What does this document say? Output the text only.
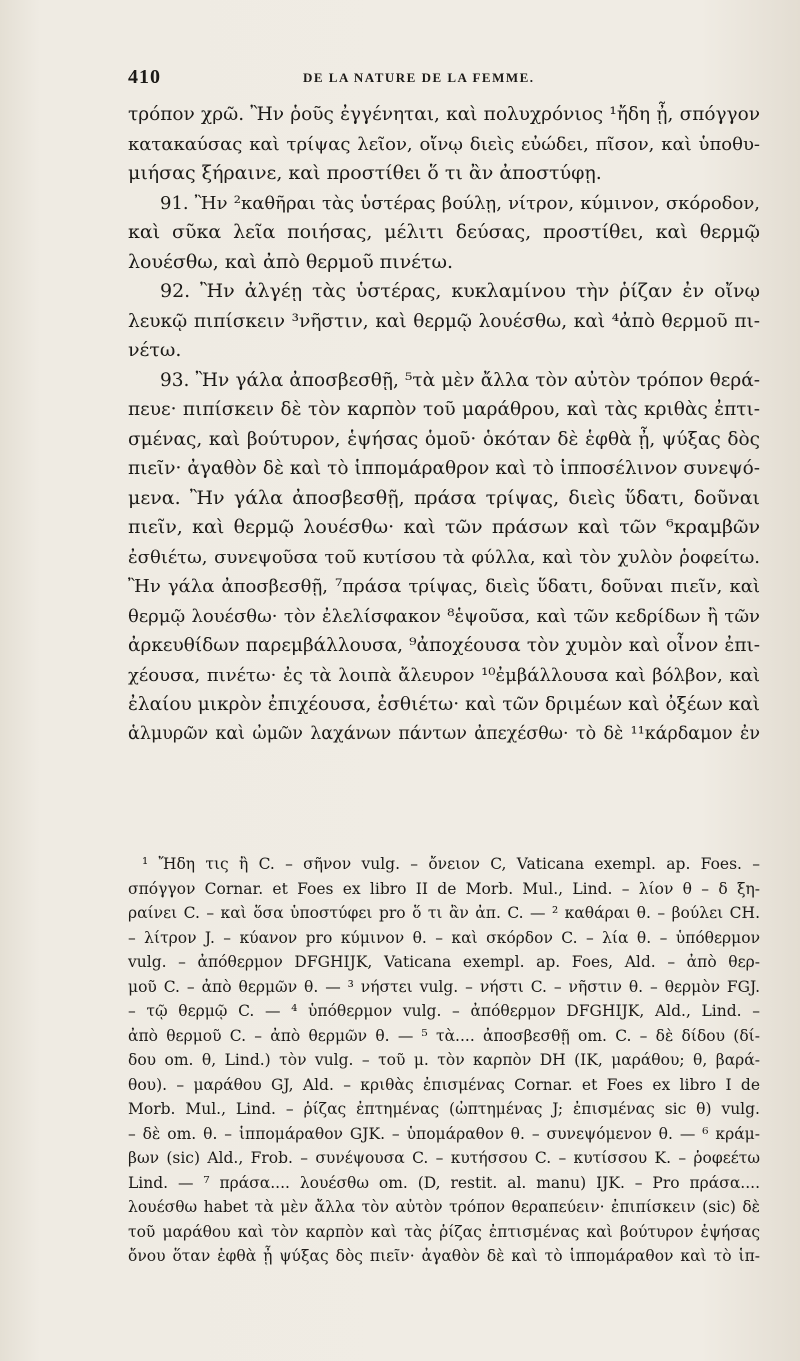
410	DE LA NATURE DE LA FEMME.
τρόπον χρῶ. Ἢν ῥοῦς ἐγγένηται, καὶ πολυχρόνιος ¹ἤδη ᾖ, σπόγγον
κατακαύσας καὶ τρίψας λεῖον, οἴνῳ διεὶς εὐώδει, πῖσον, καὶ ὑποθυ-
μιήσας ξήραινε, καὶ προστίθει ὅ τι ἂν ἀποστύφῃ.
91. Ἢν ²καθῆραι τὰς ὑστέρας βούλῃ, νίτρον, κύμινον, σκόροδον,
καὶ σῦκα λεῖα ποιήσας, μέλιτι δεύσας, προστίθει, καὶ θερμῷ
λουέσθω, καὶ ἀπὸ θερμοῦ πινέτω.
92. Ἢν ἀλγέῃ τὰς ὑστέρας, κυκλαμίνου τὴν ῥίζαν ἐν οἴνῳ
λευκῷ πιπίσκειν ³νῆστιν, καὶ θερμῷ λουέσθω, καὶ ⁴ἀπὸ θερμοῦ πι-
νέτω.
93. Ἢν γάλα ἀποσβεσθῇ, ⁵τὰ μὲν ἄλλα τὸν αὐτὸν τρόπον θερά-
πευε· πιπίσκειν δὲ τὸν καρπὸν τοῦ μαράθρου, καὶ τὰς κριθὰς ἐπτι-
σμένας, καὶ βούτυρον, ἑψήσας ὁμοῦ· ὁκόταν δὲ ἑφθὰ ᾖ, ψύξας δὸς
πιεῖν· ἀγαθὸν δὲ καὶ τὸ ἱππομάραθρον καὶ τὸ ἱπποσέλινον συνεψό-
μενα. Ἢν γάλα ἀποσβεσθῇ, πράσα τρίψας, διεὶς ὕδατι, δοῦναι
πιεῖν, καὶ θερμῷ λουέσθω· καὶ τῶν πράσων καὶ τῶν ⁶κραμβῶν
ἐσθιέτω, συνεψοῦσα τοῦ κυτίσου τὰ φύλλα, καὶ τὸν χυλὸν ῥοφείτω.
Ἢν γάλα ἀποσβεσθῇ, ⁷πράσα τρίψας, διεὶς ὕδατι, δοῦναι πιεῖν, καὶ
θερμῷ λουέσθω· τὸν ἐλελίσφακον ⁸ἑψοῦσα, καὶ τῶν κεδρίδων ἢ τῶν
ἀρκευθίδων παρεμβάλλουσα, ⁹ἀποχέουσα τὸν χυμὸν καὶ οἶνον ἐπι-
χέουσα, πινέτω· ἐς τὰ λοιπὰ ἄλευρον ¹⁰ἐμβάλλουσα καὶ βόλβον, καὶ
ἐλαίου μικρὸν ἐπιχέουσα, ἐσθιέτω· καὶ τῶν δριμέων καὶ ὀξέων καὶ
ἁλμυρῶν καὶ ὠμῶν λαχάνων πάντων ἀπεχέσθω· τὸ δὲ ¹¹κάρδαμον ἐν
¹ Ἤδη τις ἢ C. – σῆνον vulg. – ὄνειον C, Vaticana exempl. ap. Foes. –
σπόγγον Cornar. et Foes ex libro II de Morb. Mul., Lind. – λίον θ – δ ξη-
ραίνει C. – καὶ ὅσα ὑποστύφει pro ὅ τι ἂν ἀπ. C. — ² καθάραι θ. – βούλει CH.
– λίτρον J. – κύανον pro κύμινον θ. – καὶ σκόρδον C. – λία θ. – ὑπόθερμον
vulg. – ἀπόθερμον DFGHIJK, Vaticana exempl. ap. Foes, Ald. – ἀπὸ θερ-
μοῦ C. – ἀπὸ θερμῶν θ. — ³ νήστει vulg. – νήστι C. – νῆστιν θ. – θερμὸν FGJ.
– τῷ θερμῷ C. — ⁴ ὑπόθερμον vulg. – ἀπόθερμον DFGHIJK, Ald., Lind. –
ἀπὸ θερμοῦ C. – ἀπὸ θερμῶν θ. — ⁵ τὰ.... ἀποσβεσθῇ om. C. – δὲ δίδου (δί-
δου om. θ, Lind.) τὸν vulg. – τοῦ μ. τὸν καρπὸν DH (IK, μαράθου; θ, βαρά-
θου). – μαράθου GJ, Ald. – κριθὰς ἐπισμένας Cornar. et Foes ex libro I de
Morb. Mul., Lind. – ῥίζας ἐπτημένας (ὠπτημένας J; ἐπισμένας sic θ) vulg.
– δὲ om. θ. – ἱππομάραθον GJK. – ὑπομάραθον θ. – συνεψόμενον θ. — ⁶ κράμ-
βων (sic) Ald., Frob. – συνέψουσα C. – κυτήσσου C. – κυτίσσου K. – ῥοφεέτω
Lind. — ⁷ πράσα.... λουέσθω om. (D, restit. al. manu) IJK. – Pro πράσα....
λουέσθω habet τὰ μὲν ἄλλα τὸν αὐτὸν τρόπον θεραπεύειν· ἐπιπίσκειν (sic) δὲ
τοῦ μαράθου καὶ τὸν καρπὸν καὶ τὰς ῥίζας ἐπτισμένας καὶ βούτυρον ἑψήσας
ὄνου ὅταν ἑφθὰ ᾖ ψύξας δὸς πιεῖν· ἀγαθὸν δὲ καὶ τὸ ἱππομάραθον καὶ τὸ ἱπ-
